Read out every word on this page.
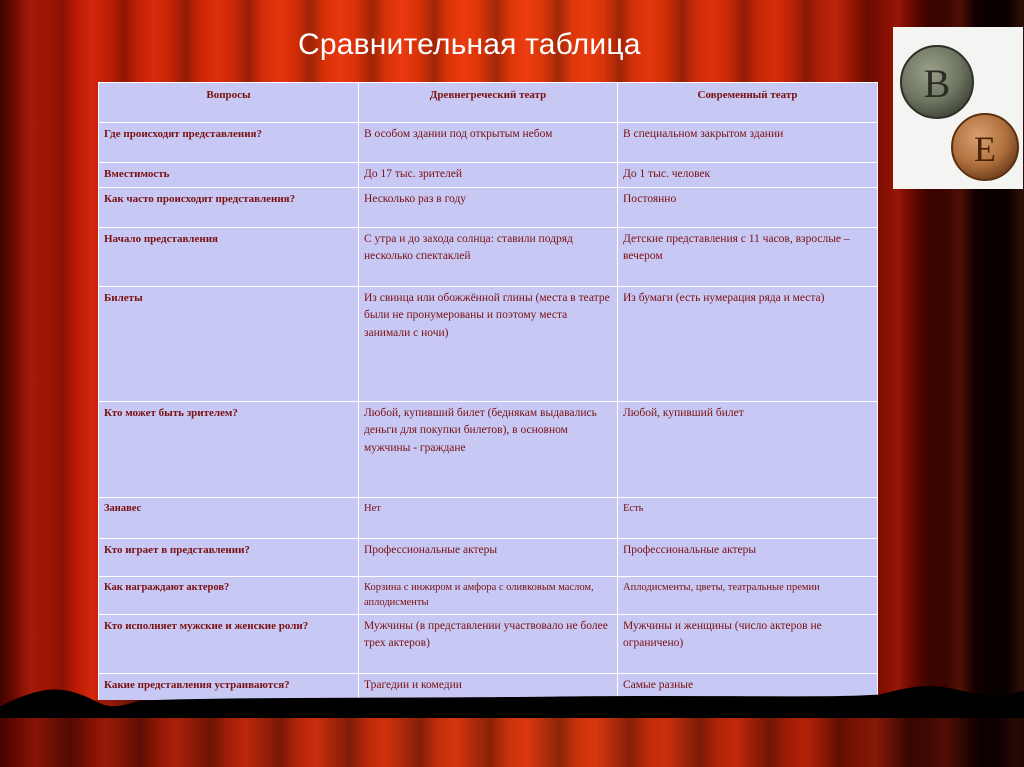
Сравнительная таблица
B
E
Вопросы	Древнегреческий театр	Современный театр
Где происходят представления?	В особом здании под открытым небом	В специальном закрытом здании
Вместимость	До 17 тыс. зрителей	До 1 тыс. человек
Как часто происходят представления?	Несколько раз в году	Постоянно
Начало представления	С утра и до захода солнца: ставили подряд несколько спектаклей	Детские представления с 11 часов, взрослые – вечером
Билеты	Из свинца или обожжённой глины (места в театре были не пронумерованы и поэтому места занимали с ночи)	Из бумаги (есть нумерация ряда и места)
Кто может быть зрителем?	Любой, купивший билет (беднякам выдавались деньги для покупки билетов), в основном мужчины - граждане	Любой, купивший билет
Занавес	Нет	Есть
Кто играет в представлении?	Профессиональные актеры	Профессиональные актеры
Как награждают актеров?	Корзина с инжиром и амфора с оливковым маслом, аплодисменты	Аплодисменты, цветы, театральные премии
Кто исполняет мужские и женские роли?	Мужчины (в представлении участвовало не более трех актеров)	Мужчины и женщины (число актеров не ограничено)
Какие представления устраиваются?	Трагедии и комедии	Самые разные
